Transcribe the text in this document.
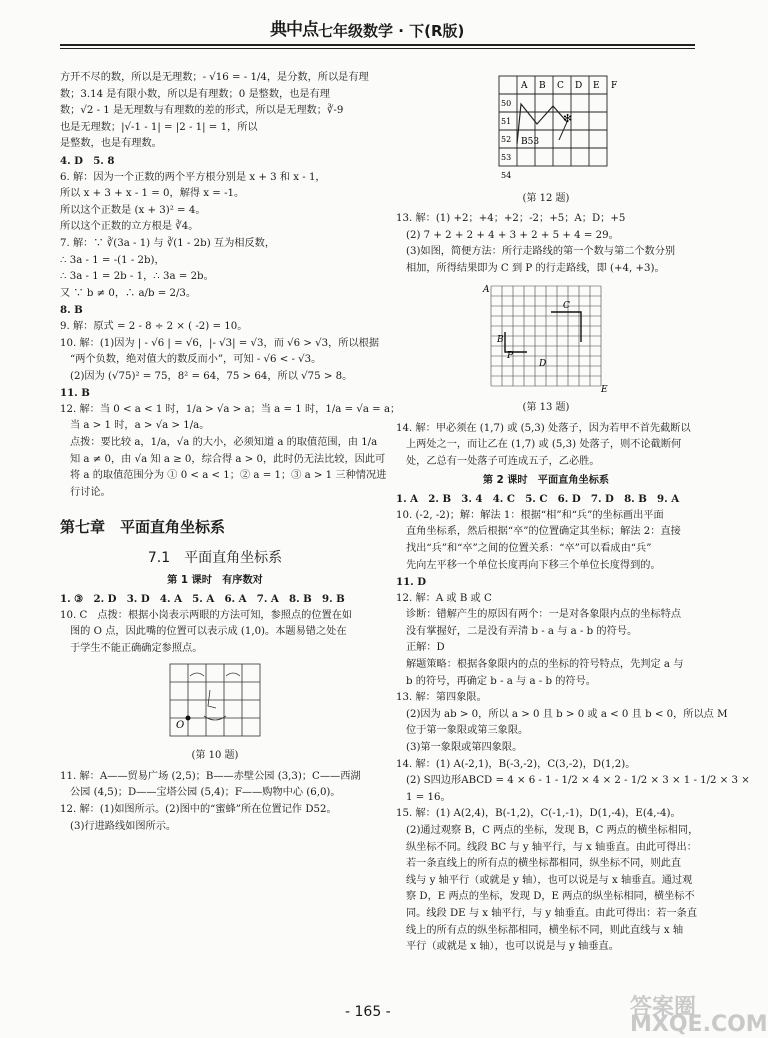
典中点 七年级数学 · 下(R版)
方开不尽的数，所以是无理数；- √16 = - 1/4，是分数，所以是有理
数；3.14 是有限小数，所以是有理数；0 是整数，也是有理
数；√2 - 1 是无理数与有理数的差的形式，所以是无理数；∛-9
也是无理数；|√-1 - 1| = |2 - 1| = 1，所以
是整数，也是有理数。
4. D　5. 8
6. 解：因为一个正数的两个平方根分别是 x + 3 和 x - 1，
所以 x + 3 + x - 1 = 0，解得 x = -1。
所以这个正数是 (x + 3)² = 4。
所以这个正数的立方根是 ∛4。
7. 解：∵ ∛(3a - 1) 与 ∛(1 - 2b) 互为相反数，
∴ 3a - 1 = -(1 - 2b)，
∴ 3a - 1 = 2b - 1，∴ 3a = 2b。
又 ∵ b ≠ 0，∴ a/b = 2/3。
8. B
9. 解：原式 = 2 - 8 ÷ 2 × ( -2) = 10。
10. 解：(1)因为 | - √6 | = √6，|- √3| = √3，而 √6 > √3，所以根据
“两个负数，绝对值大的数反而小”，可知 - √6 < - √3。
(2)因为 (√75)² = 75，8² = 64，75 > 64，所以 √75 > 8。
11. B
12. 解：当 0 < a < 1 时，1/a > √a > a；当 a = 1 时，1/a = √a = a；
当 a > 1 时，a > √a > 1/a。
点拨：要比较 a，1/a，√a 的大小，必须知道 a 的取值范围，由 1/a
知 a ≠ 0，由 √a 知 a ≥ 0，综合得 a > 0，此时仍无法比较，因此可
将 a 的取值范围分为 ① 0 < a < 1；② a = 1；③ a > 1 三种情况进
行讨论。
第七章　平面直角坐标系
7.1　平面直角坐标系
第 1 课时　有序数对
1. ③　2. D　3. D　4. A　5. A　6. A　7. A　8. B　9. B
10. C　点拨：根据小岗表示两眼的方法可知，参照点的位置在如
图的 O 点，因此嘴的位置可以表示成 (1,0)。本题易错之处在
于学生不能正确确定参照点。
O
(第 10 题)
11. 解：A——贸易广场 (2,5)；B——赤壁公园 (3,3)；C——西湖
公园 (4,5)；D——宝塔公园 (5,4)；F——购物中心 (6,0)。
12. 解：(1)如图所示。(2)图中的“蜜蜂”所在位置记作 D52。
(3)行进路线如图所示。
A B C D E F
50
51
52
53
54
B53
✻
(第 12 题)
13. 解：(1) +2；+4；+2；-2；+5；A；D；+5
(2) 7 + 2 + 2 + 4 + 3 + 2 + 5 + 4 = 29。
(3)如图，简便方法：所行走路线的第一个数与第二个数分别
相加，所得结果即为 C 到 P 的行走路线，即 (+4, +3)。
A
C
B
P
D
E
(第 13 题)
14. 解：甲必须在 (1,7) 或 (5,3) 处落子，因为若甲不首先截断以
上两处之一，而让乙在 (1,7) 或 (5,3) 处落子，则不论截断何
处，乙总有一处落子可连成五子，乙必胜。
第 2 课时　平面直角坐标系
1. A　2. B　3. 4　4. C　5. C　6. D　7. D　8. B　9. A
10. (-2, -2)；解：解法 1：根据“相”和“兵”的坐标画出平面
直角坐标系，然后根据“卒”的位置确定其坐标；解法 2：直接
找出“兵”和“卒”之间的位置关系：“卒”可以看成由“兵”
先向左平移一个单位长度再向下移三个单位长度得到的。
11. D
12. 解：A 或 B 或 C
诊断：错解产生的原因有两个：一是对各象限内点的坐标特点
没有掌握好，二是没有弄清 b - a 与 a - b 的符号。
正解：D
解题策略：根据各象限内的点的坐标的符号特点，先判定 a 与
b 的符号，再确定 b - a 与 a - b 的符号。
13. 解：第四象限。
(2)因为 ab > 0，所以 a > 0 且 b > 0 或 a < 0 且 b < 0，所以点 M
位于第一象限或第三象限。
(3)第一象限或第四象限。
14. 解：(1) A(-2,1)，B(-3,-2)，C(3,-2)，D(1,2)。
(2) S四边形ABCD = 4 × 6 - 1 - 1/2 × 4 × 2 - 1/2 × 3 × 1 - 1/2 × 3 ×
1 = 16。
15. 解：(1) A(2,4)，B(-1,2)，C(-1,-1)，D(1,-4)，E(4,-4)。
(2)通过观察 B，C 两点的坐标，发现 B，C 两点的横坐标相同，
纵坐标不同。线段 BC 与 y 轴平行，与 x 轴垂直。由此可得出：
若一条直线上的所有点的横坐标都相同，纵坐标不同，则此直
线与 y 轴平行（或就是 y 轴），也可以说是与 x 轴垂直。通过观
察 D，E 两点的坐标，发现 D，E 两点的纵坐标相同，横坐标不
同。线段 DE 与 x 轴平行，与 y 轴垂直。由此可得出：若一条直
线上的所有点的纵坐标都相同，横坐标不同，则此直线与 x 轴
平行（或就是 x 轴），也可以说是与 y 轴垂直。
- 165 -	答案圈 MXQE.COM
